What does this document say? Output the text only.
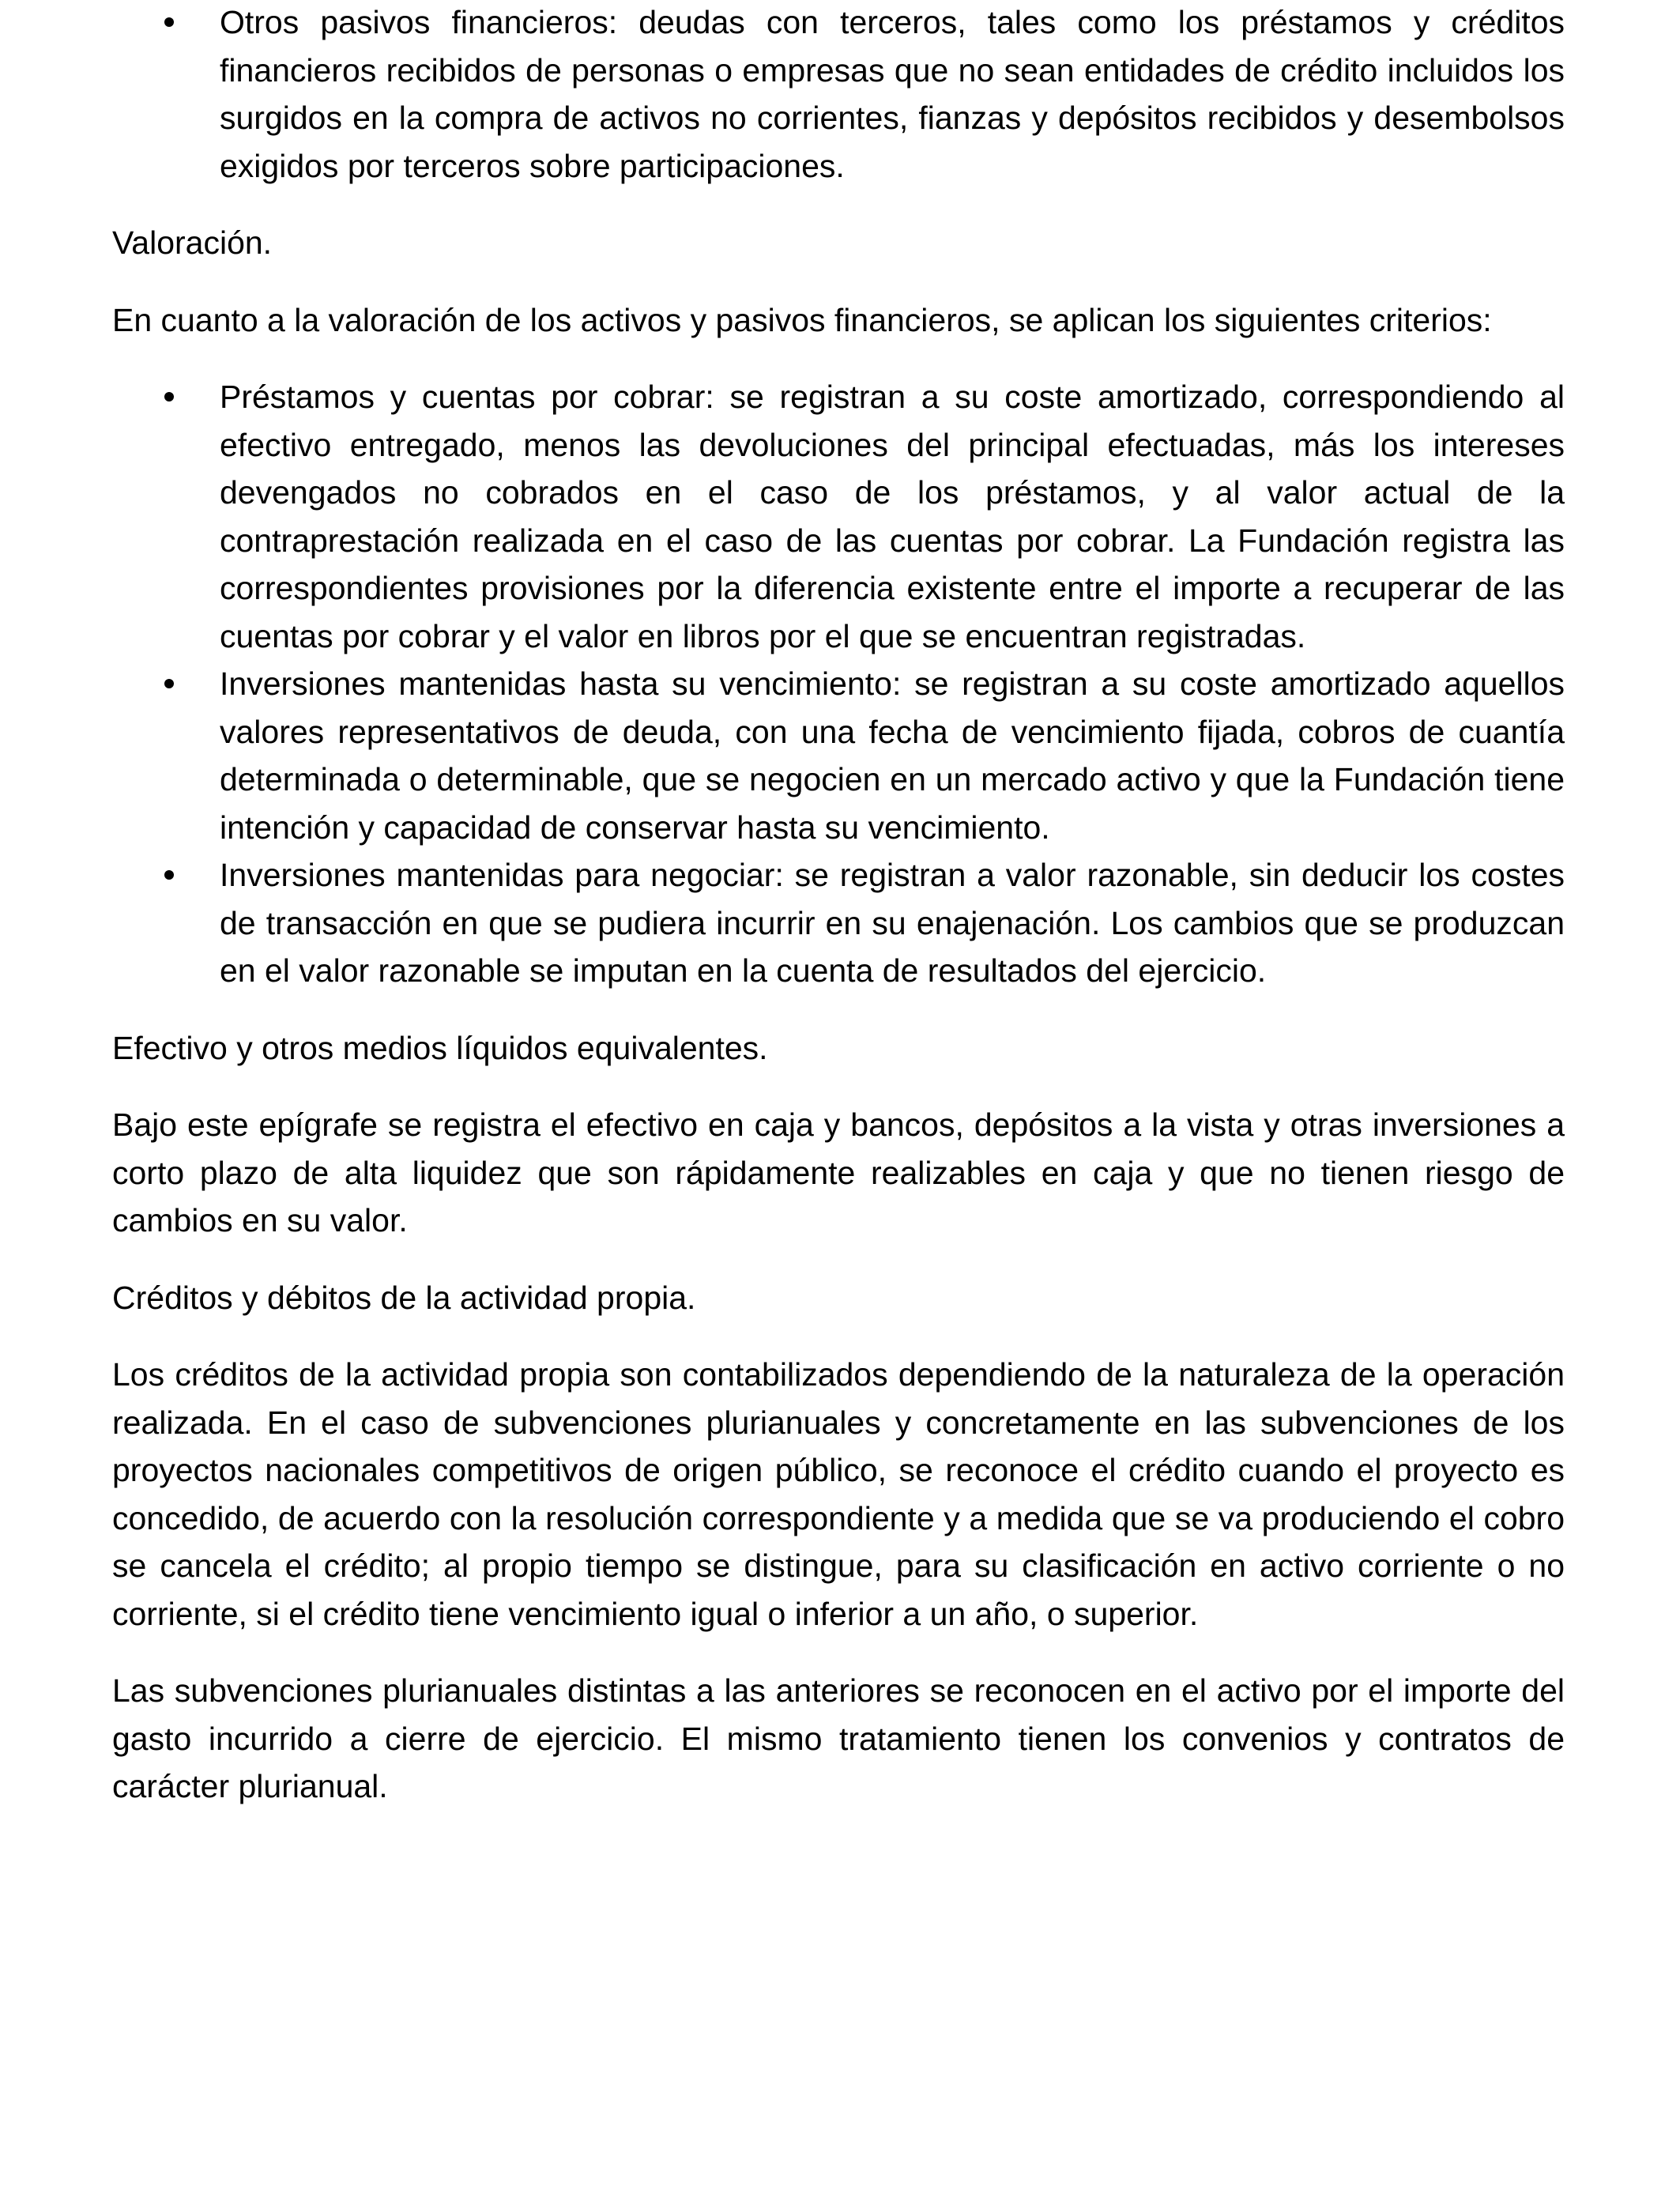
Otros pasivos financieros: deudas con terceros, tales como los préstamos y créditos financieros recibidos de personas o empresas que no sean entidades de crédito incluidos los surgidos en la compra de activos no corrientes, fianzas y depósitos recibidos y desembolsos exigidos por terceros sobre participaciones.

Valoración.

En cuanto a la valoración de los activos y pasivos financieros, se aplican los siguientes criterios:

Préstamos y cuentas por cobrar: se registran a su coste amortizado, correspondiendo al efectivo entregado, menos las devoluciones del principal efectuadas, más los intereses devengados no cobrados en el caso de los préstamos, y al valor actual de la contraprestación realizada en el caso de las cuentas por cobrar. La Fundación registra las correspondientes provisiones por la diferencia existente entre el importe a recuperar de las cuentas por cobrar y el valor en libros por el que se encuentran registradas.
Inversiones mantenidas hasta su vencimiento: se registran a su coste amortizado aquellos valores representativos de deuda, con una fecha de vencimiento fijada, cobros de cuantía determinada o determinable, que se negocien en un mercado activo y que la Fundación tiene intención y capacidad de conservar hasta su vencimiento.
Inversiones mantenidas para negociar: se registran a valor razonable, sin deducir los costes de transacción en que se pudiera incurrir en su enajenación. Los cambios que se produzcan en el valor razonable se imputan en la cuenta de resultados del ejercicio.

Efectivo y otros medios líquidos equivalentes.

Bajo este epígrafe se registra el efectivo en caja y bancos, depósitos a la vista y otras inversiones a corto plazo de alta liquidez que son rápidamente realizables en caja y que no tienen riesgo de cambios en su valor.

Créditos y débitos de la actividad propia.

Los créditos de la actividad propia son contabilizados dependiendo de la naturaleza de la operación realizada. En el caso de subvenciones plurianuales y concretamente en las subvenciones de los proyectos nacionales competitivos de origen público, se reconoce el crédito cuando el proyecto es concedido, de acuerdo con la resolución correspondiente y a medida que se va produciendo el cobro se cancela el crédito; al propio tiempo se distingue, para su clasificación en activo corriente o no corriente, si el crédito tiene vencimiento igual o inferior a un año, o superior.

Las subvenciones plurianuales distintas a las anteriores se reconocen en el activo por el importe del gasto incurrido a cierre de ejercicio. El mismo tratamiento tienen los convenios y contratos de carácter plurianual.
